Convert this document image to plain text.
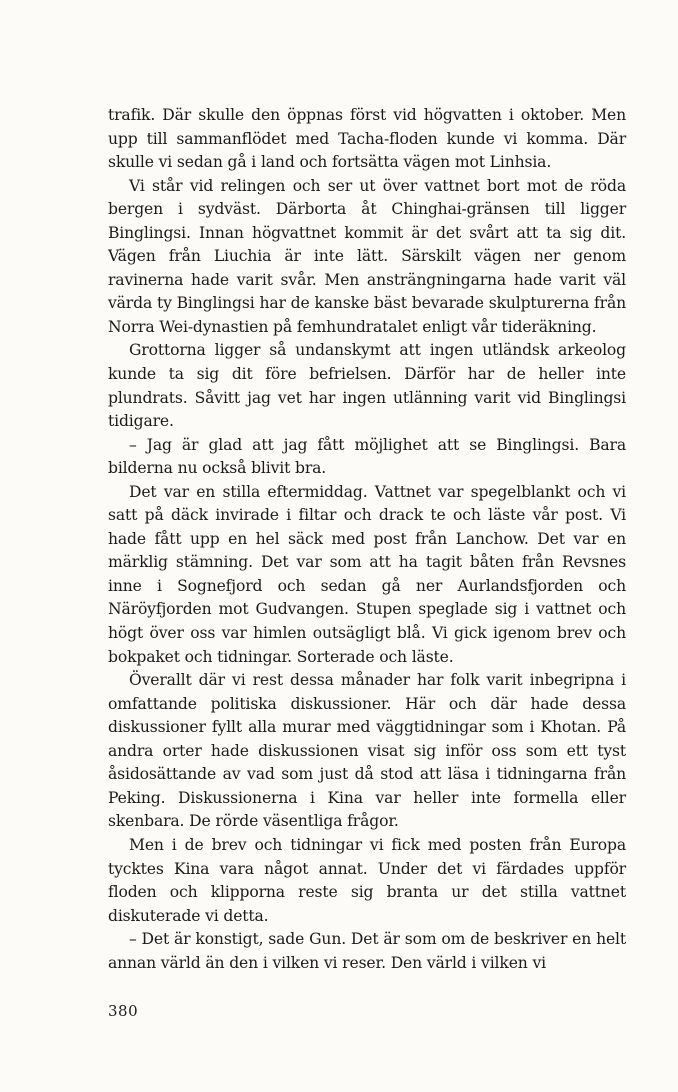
trafik. Där skulle den öppnas först vid högvatten i oktober. Men upp till sammanflödet med Tacha-floden kunde vi komma. Där skulle vi sedan gå i land och fortsätta vägen mot Linhsia.

Vi står vid relingen och ser ut över vattnet bort mot de röda bergen i sydväst. Därborta åt Chinghai-gränsen till ligger Binglingsi. Innan högvattnet kommit är det svårt att ta sig dit. Vägen från Liuchia är inte lätt. Särskilt vägen ner genom ravinerna hade varit svår. Men ansträngningarna hade varit väl värda ty Binglingsi har de kanske bäst bevarade skulpturerna från Norra Wei-dynastien på femhundratalet enligt vår tideräkning.

Grottorna ligger så undanskymt att ingen utländsk arkeolog kunde ta sig dit före befrielsen. Därför har de heller inte plundrats. Såvitt jag vet har ingen utlänning varit vid Binglingsi tidigare.

– Jag är glad att jag fått möjlighet att se Binglingsi. Bara bilderna nu också blivit bra.

Det var en stilla eftermiddag. Vattnet var spegelblankt och vi satt på däck invirade i filtar och drack te och läste vår post. Vi hade fått upp en hel säck med post från Lanchow. Det var en märklig stämning. Det var som att ha tagit båten från Revsnes inne i Sognefjord och sedan gå ner Aurlandsfjorden och Näröyfjorden mot Gudvangen. Stupen speglade sig i vattnet och högt över oss var himlen outsägligt blå. Vi gick igenom brev och bokpaket och tidningar. Sorterade och läste.

Överallt där vi rest dessa månader har folk varit inbegripna i omfattande politiska diskussioner. Här och där hade dessa diskussioner fyllt alla murar med väggtidningar som i Khotan. På andra orter hade diskussionen visat sig inför oss som ett tyst åsidosättande av vad som just då stod att läsa i tidningarna från Peking. Diskussionerna i Kina var heller inte formella eller skenbara. De rörde väsentliga frågor.

Men i de brev och tidningar vi fick med posten från Europa tycktes Kina vara något annat. Under det vi färdades uppför floden och klipporna reste sig branta ur det stilla vattnet diskuterade vi detta.

– Det är konstigt, sade Gun. Det är som om de beskriver en helt annan värld än den i vilken vi reser. Den värld i vilken vi

380
